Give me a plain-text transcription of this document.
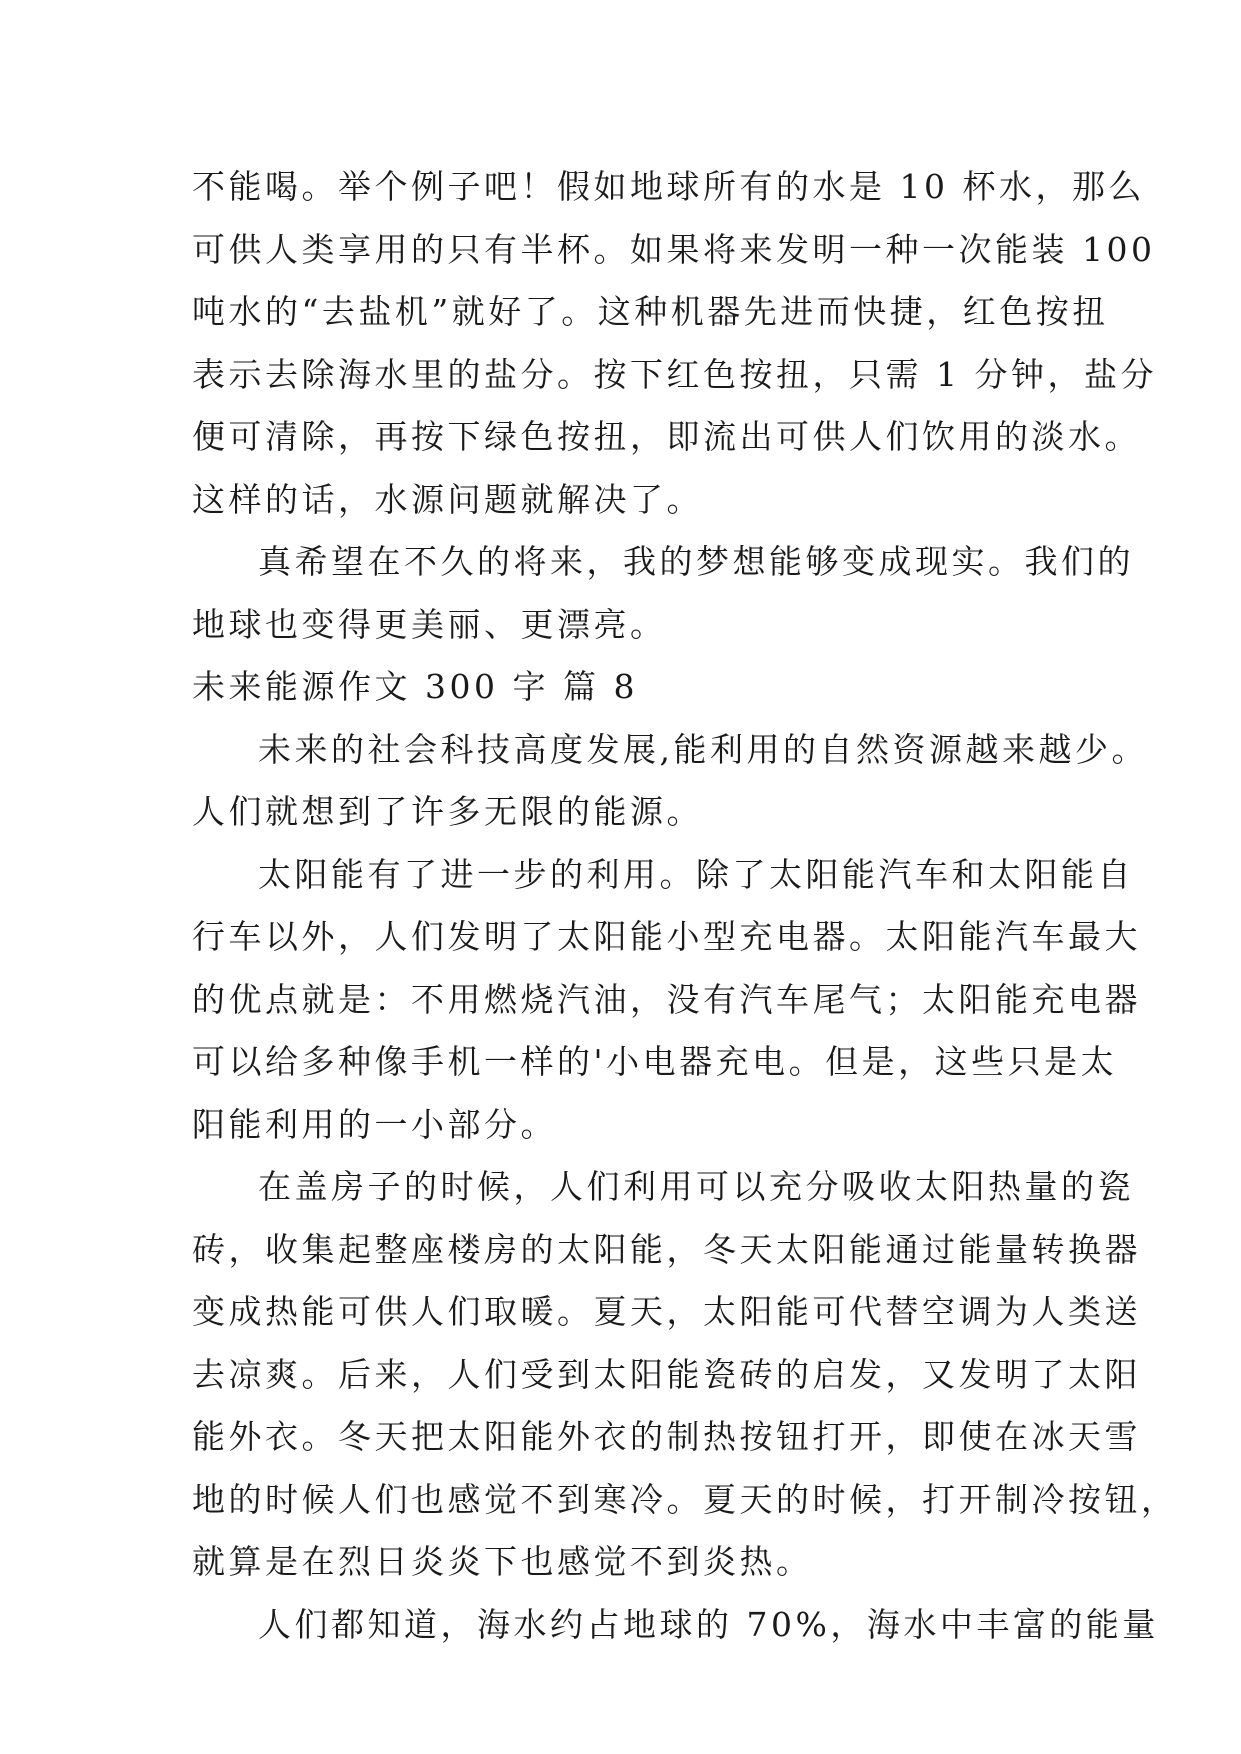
不能喝。举个例子吧！假如地球所有的水是 10 杯水，那么
可供人类享用的只有半杯。如果将来发明一种一次能装 100
吨水的“去盐机”就好了。这种机器先进而快捷，红色按扭
表示去除海水里的盐分。按下红色按扭，只需 1 分钟，盐分
便可清除，再按下绿色按扭，即流出可供人们饮用的淡水。
这样的话，水源问题就解决了。
真希望在不久的将来，我的梦想能够变成现实。我们的
地球也变得更美丽、更漂亮。
未来能源作文 300 字 篇 8
未来的社会科技高度发展,能利用的自然资源越来越少。
人们就想到了许多无限的能源。
太阳能有了进一步的利用。除了太阳能汽车和太阳能自
行车以外，人们发明了太阳能小型充电器。太阳能汽车最大
的优点就是：不用燃烧汽油，没有汽车尾气；太阳能充电器
可以给多种像手机一样的'小电器充电。但是，这些只是太
阳能利用的一小部分。
在盖房子的时候，人们利用可以充分吸收太阳热量的瓷
砖，收集起整座楼房的太阳能，冬天太阳能通过能量转换器
变成热能可供人们取暖。夏天，太阳能可代替空调为人类送
去凉爽。后来，人们受到太阳能瓷砖的启发，又发明了太阳
能外衣。冬天把太阳能外衣的制热按钮打开，即使在冰天雪
地的时候人们也感觉不到寒冷。夏天的时候，打开制冷按钮，
就算是在烈日炎炎下也感觉不到炎热。
人们都知道，海水约占地球的 70%，海水中丰富的能量
